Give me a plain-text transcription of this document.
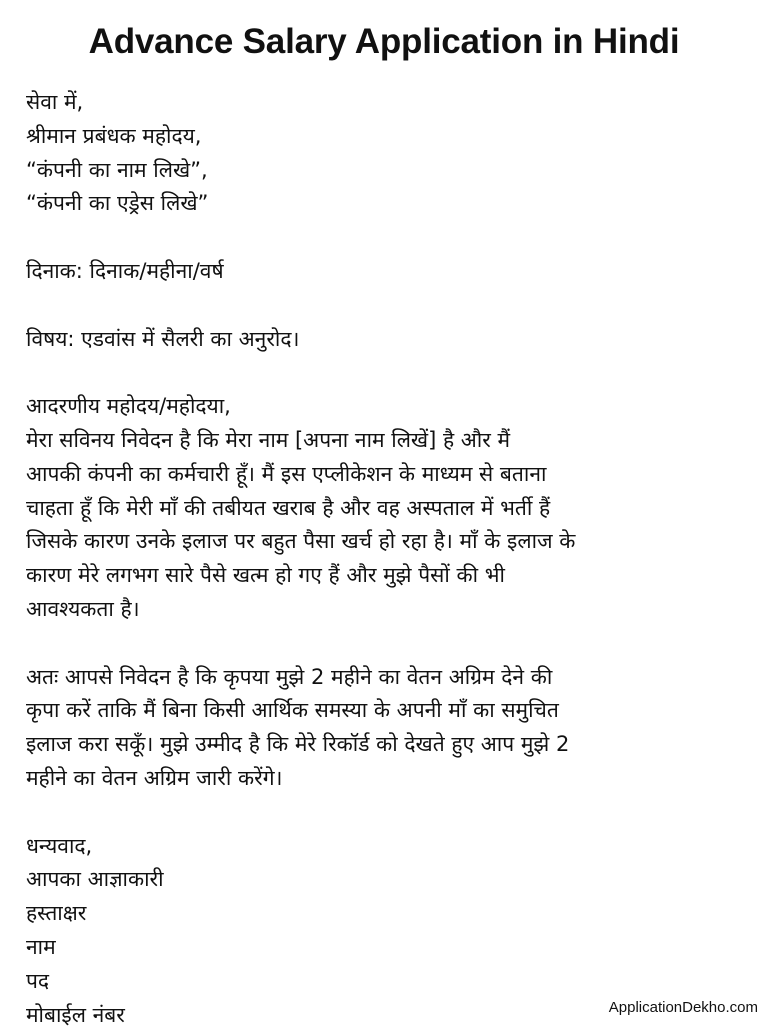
Advance Salary Application in Hindi
सेवा में,
श्रीमान प्रबंधक महोदय,
“कंपनी का नाम लिखे”,
“कंपनी का एड्रेस लिखे”
दिनाक: दिनाक/महीना/वर्ष
विषय: एडवांस में सैलरी का अनुरोद।
आदरणीय महोदय/महोदया,
मेरा सविनय निवेदन है कि मेरा नाम [अपना नाम लिखें] है और मैं
आपकी कंपनी का कर्मचारी हूँ। मैं इस एप्लीकेशन के माध्यम से बताना
चाहता हूँ कि मेरी माँ की तबीयत खराब है और वह अस्पताल में भर्ती हैं
जिसके कारण उनके इलाज पर बहुत पैसा खर्च हो रहा है। माँ के इलाज के
कारण मेरे लगभग सारे पैसे खत्म हो गए हैं और मुझे पैसों की भी
आवश्यकता है।
अतः आपसे निवेदन है कि कृपया मुझे 2 महीने का वेतन अग्रिम देने की
कृपा करें ताकि मैं बिना किसी आर्थिक समस्या के अपनी माँ का समुचित
इलाज करा सकूँ। मुझे उम्मीद है कि मेरे रिकॉर्ड को देखते हुए आप मुझे 2
महीने का वेतन अग्रिम जारी करेंगे।
धन्यवाद,
आपका आज्ञाकारी
हस्ताक्षर
नाम
पद
मोबाईल नंबर	ApplicationDekho.com
